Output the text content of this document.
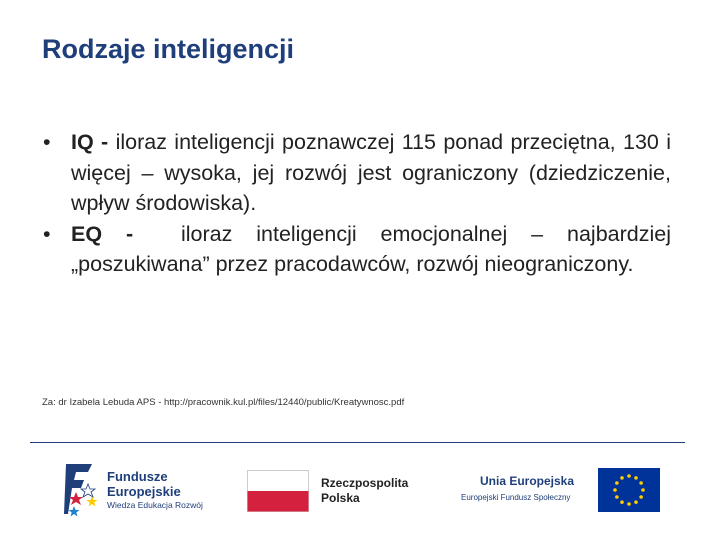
Rodzaje inteligencji
• IQ - iloraz inteligencji poznawczej 115 ponad przeciętna, 130 i więcej – wysoka, jej rozwój jest ograniczony (dziedziczenie, wpływ środowiska).
• EQ -  iloraz inteligencji emocjonalnej – najbardziej „poszukiwana” przez pracodawców, rozwój nieograniczony.
Za: dr Izabela Lebuda APS - http://pracownik.kul.pl/files/12440/public/Kreatywnosc.pdf
Fundusze
Europejskie
Wiedza Edukacja Rozwój
Rzeczpospolita
Polska
Unia Europejska
Europejski Fundusz Społeczny
